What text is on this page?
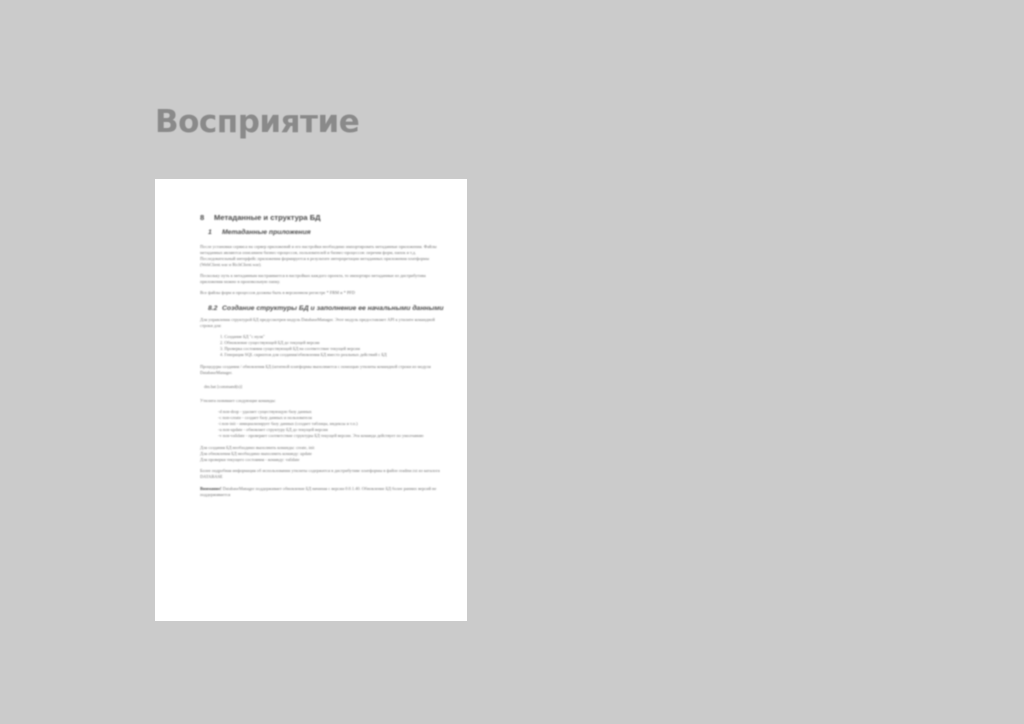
Восприятие
8 Метаданные и структура БД
1 Метаданные приложения
После установки сервиса на сервер приложений и его настройки необходимо импортировать метаданные приложения. Файлы метаданных являются описанием бизнес-процессов, пользователей и бизнес-процессов: перечня форм, папок и т.д. Последовательный интерфейс приложения формируется в результате интерпретации метаданных приложения платформы (WebClient.war и RichClient.war).
Поскольку путь к метаданным настраивается в настройках каждого проекта, то импортиро метаданные из дистрибутива приложения можно в произвольную папку.
Все файлы форм и процессов должны быть в версионном регистре * FRM и * PFD
8.2 Создание структуры БД и заполнение ее начальными данными
Для управления структурой БД предусмотрен модуль DatabaseManager. Этот модуль предоставляет API к утилите командной строки для:
1. Создание БД "с нуля"
2. Обновление существующей БД до текущей версии
3. Проверка состояния существующей БД на соответствие текущей версии
4. Генерация SQL скриптов для создания/обновления БД вместо реальных действий с БД
Процедуры создания / обновления БД (штатной платформы выполняется с помощью утилиты командной строки из модуля DatabaseManager.
dm.bat [command(s)]
Утилита понимает следующие команды:
-d non-drop - удаляет существующую базу данных
-c non-create - создает базу данных и пользователя
-i non-init - инициализирует базу данных (создает таблицы, индексы и т.п.)
-u non-update - обновляет структуру БД до текущей версии
-v non-validate - проверяет соответствие структуры БД текущей версии. Эта команда действует по умолчанию
Для создания БД необходимо выполнить команды: create, init
Для обновления БД необходимо выполнить команду: update
Для проверки текущего состояния - команду: validate
Более подробная информация об использовании утилиты содержится в дистрибутиве платформы в файле readme.txt из каталога DATABASE
Внимание! DatabaseManager поддерживает обновление БД начиная с версии 0.0.1.40. Обновление БД более ранних версий не поддерживается
